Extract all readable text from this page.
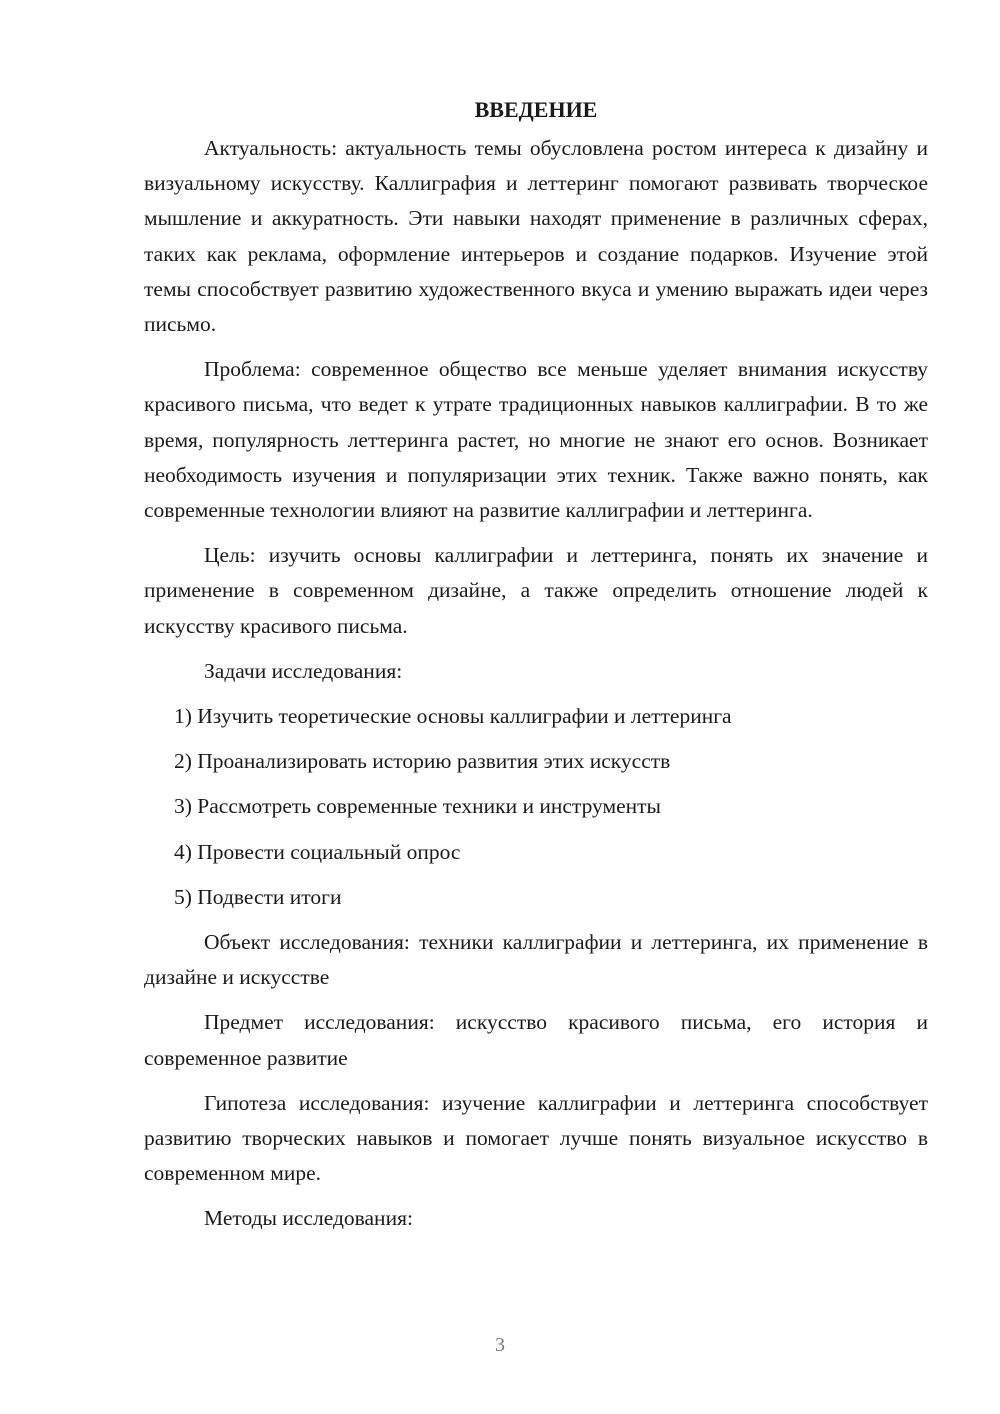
ВВЕДЕНИЕ

Актуальность: актуальность темы обусловлена ростом интереса к дизайну и визуальному искусству. Каллиграфия и леттеринг помогают развивать творческое мышление и аккуратность. Эти навыки находят применение в различных сферах, таких как реклама, оформление интерьеров и создание подарков. Изучение этой темы способствует развитию художественного вкуса и умению выражать идеи через письмо.

Проблема: современное общество все меньше уделяет внимания искусству красивого письма, что ведет к утрате традиционных навыков каллиграфии. В то же время, популярность леттеринга растет, но многие не знают его основ. Возникает необходимость изучения и популяризации этих техник. Также важно понять, как современные технологии влияют на развитие каллиграфии и леттеринга.

Цель: изучить основы каллиграфии и леттеринга, понять их значение и применение в современном дизайне, а также определить отношение людей к искусству красивого письма.

Задачи исследования:

1) Изучить теоретические основы каллиграфии и леттеринга
2) Проанализировать историю развития этих искусств
3) Рассмотреть современные техники и инструменты
4) Провести социальный опрос
5) Подвести итоги

Объект исследования: техники каллиграфии и леттеринга, их применение в дизайне и искусстве

Предмет исследования: искусство красивого письма, его история и современное развитие

Гипотеза исследования: изучение каллиграфии и леттеринга способствует развитию творческих навыков и помогает лучше понять визуальное искусство в современном мире.

Методы исследования:

3
